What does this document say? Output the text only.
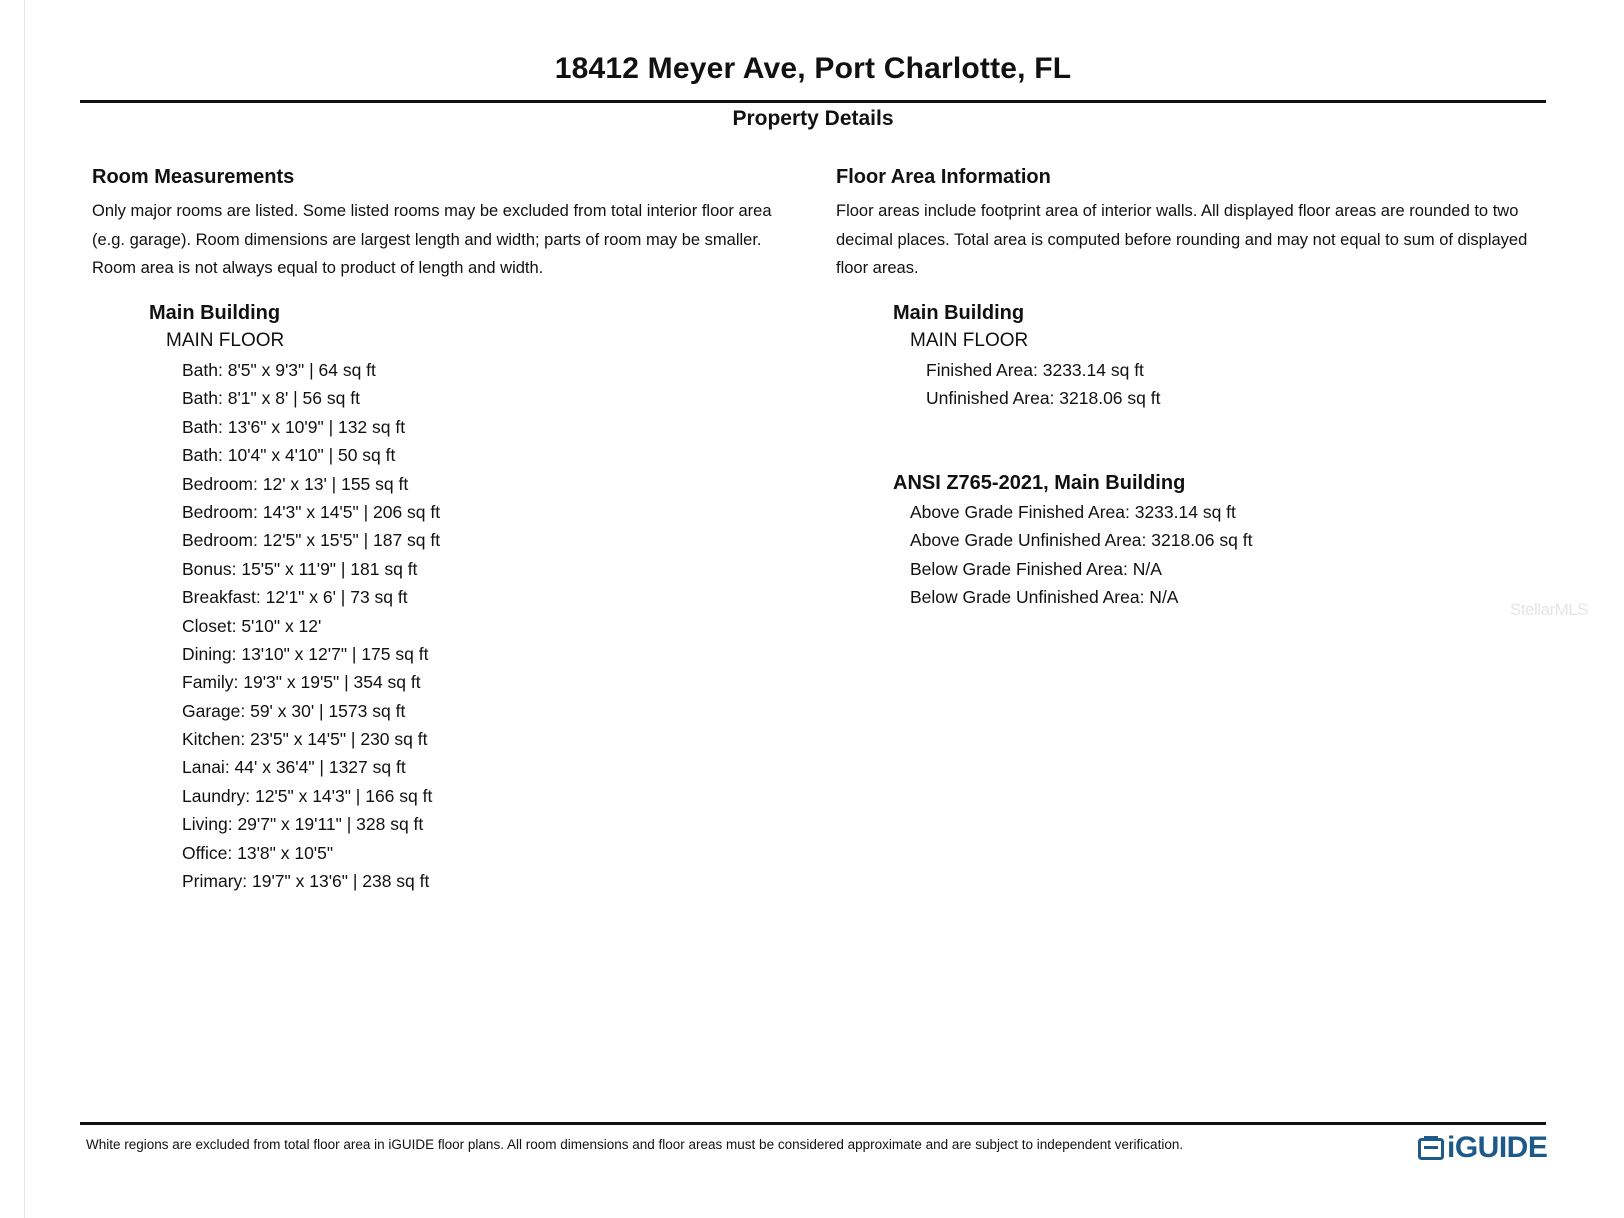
18412 Meyer Ave, Port Charlotte, FL
Property Details
Room Measurements

Only major rooms are listed. Some listed rooms may be excluded from total interior floor area
(e.g. garage). Room dimensions are largest length and width; parts of room may be smaller.
Room area is not always equal to product of length and width.

Main Building
MAIN FLOOR
Bath: 8'5" x 9'3" | 64 sq ft
Bath: 8'1" x 8' | 56 sq ft
Bath: 13'6" x 10'9" | 132 sq ft
Bath: 10'4" x 4'10" | 50 sq ft
Bedroom: 12' x 13' | 155 sq ft
Bedroom: 14'3" x 14'5" | 206 sq ft
Bedroom: 12'5" x 15'5" | 187 sq ft
Bonus: 15'5" x 11'9" | 181 sq ft
Breakfast: 12'1" x 6' | 73 sq ft
Closet: 5'10" x 12'
Dining: 13'10" x 12'7" | 175 sq ft
Family: 19'3" x 19'5" | 354 sq ft
Garage: 59' x 30' | 1573 sq ft
Kitchen: 23'5" x 14'5" | 230 sq ft
Lanai: 44' x 36'4" | 1327 sq ft
Laundry: 12'5" x 14'3" | 166 sq ft
Living: 29'7" x 19'11" | 328 sq ft
Office: 13'8" x 10'5"
Primary: 19'7" x 13'6" | 238 sq ft
Floor Area Information

Floor areas include footprint area of interior walls. All displayed floor areas are rounded to two
decimal places. Total area is computed before rounding and may not equal to sum of displayed
floor areas.

Main Building
MAIN FLOOR
Finished Area: 3233.14 sq ft
Unfinished Area: 3218.06 sq ft
ANSI Z765-2021, Main Building
Above Grade Finished Area: 3233.14 sq ft
Above Grade Unfinished Area: 3218.06 sq ft
Below Grade Finished Area: N/A
Below Grade Unfinished Area: N/A
StellarMLS
White regions are excluded from total floor area in iGUIDE floor plans. All room dimensions and floor areas must be considered approximate and are subject to independent verification.	iGUIDE
